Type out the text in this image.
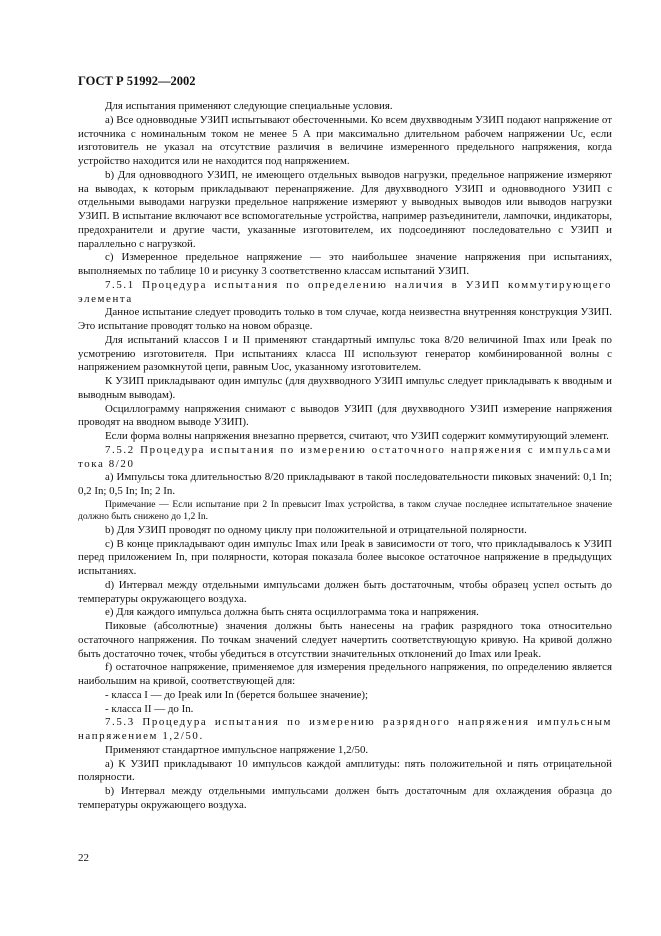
ГОСТ Р 51992—2002

Для испытания применяют следующие специальные условия.

а) Все одновводные УЗИП испытывают обесточенными. Ко всем двухвводным УЗИП подают напряжение от источника с номинальным током не менее 5 А при максимально длительном рабочем напряжении Uc, если изготовитель не указал на отсутствие различия в величине измеренного предельного напряжения, когда устройство находится или не находится под напряжением.

b) Для одновводного УЗИП, не имеющего отдельных выводов нагрузки, предельное напряжение измеряют на выводах, к которым прикладывают перенапряжение. Для двухвводного УЗИП и одновводного УЗИП с отдельными выводами нагрузки предельное напряжение измеряют у выводных выводов или выводов нагрузки УЗИП. В испытание включают все вспомогательные устройства, например разъединители, лампочки, индикаторы, предохранители и другие части, указанные изготовителем, их подсоединяют последовательно с УЗИП и параллельно с нагрузкой.

с) Измеренное предельное напряжение — это наибольшее значение напряжения при испытаниях, выполняемых по таблице 10 и рисунку 3 соответственно классам испытаний УЗИП.

7.5.1 Процедура испытания по определению наличия в УЗИП коммутирующего элемента

Данное испытание следует проводить только в том случае, когда неизвестна внутренняя конструкция УЗИП. Это испытание проводят только на новом образце.

Для испытаний классов I и II применяют стандартный импульс тока 8/20 величиной Imax или Ipeak по усмотрению изготовителя. При испытаниях класса III используют генератор комбинированной волны с напряжением разомкнутой цепи, равным Uoc, указанному изготовителем.

К УЗИП прикладывают один импульс (для двухвводного УЗИП импульс следует прикладывать к вводным и выводным выводам).

Осциллограмму напряжения снимают с выводов УЗИП (для двухвводного УЗИП измерение напряжения проводят на вводном выводе УЗИП).

Если форма волны напряжения внезапно прервется, считают, что УЗИП содержит коммутирующий элемент.

7.5.2 Процедура испытания по измерению остаточного напряжения с импульсами тока 8/20

а) Импульсы тока длительностью 8/20 прикладывают в такой последовательности пиковых значений: 0,1 In; 0,2 In; 0,5 In; In; 2 In.

Примечание — Если испытание при 2 In превысит Imax устройства, в таком случае последнее испытательное значение должно быть снижено до 1,2 In.

b) Для УЗИП проводят по одному циклу при положительной и отрицательной полярности.

с) В конце прикладывают один импульс Imax или Ipeak в зависимости от того, что прикладывалось к УЗИП перед приложением In, при полярности, которая показала более высокое остаточное напряжение в предыдущих испытаниях.

d) Интервал между отдельными импульсами должен быть достаточным, чтобы образец успел остыть до температуры окружающего воздуха.

е) Для каждого импульса должна быть снята осциллограмма тока и напряжения.

Пиковые (абсолютные) значения должны быть нанесены на график разрядного тока относительно остаточного напряжения. По точкам значений следует начертить соответствующую кривую. На кривой должно быть достаточно точек, чтобы убедиться в отсутствии значительных отклонений до Imax или Ipeak.

f) остаточное напряжение, применяемое для измерения предельного напряжения, по определению является наибольшим на кривой, соответствующей для:

- класса I — до Ipeak или In (берется большее значение);

- класса II — до In.

7.5.3 Процедура испытания по измерению разрядного напряжения импульсным напряжением 1,2/50.

Применяют стандартное импульсное напряжение 1,2/50.

а) К УЗИП прикладывают 10 импульсов каждой амплитуды: пять положительной и пять отрицательной полярности.

b) Интервал между отдельными импульсами должен быть достаточным для охлаждения образца до температуры окружающего воздуха.

22
